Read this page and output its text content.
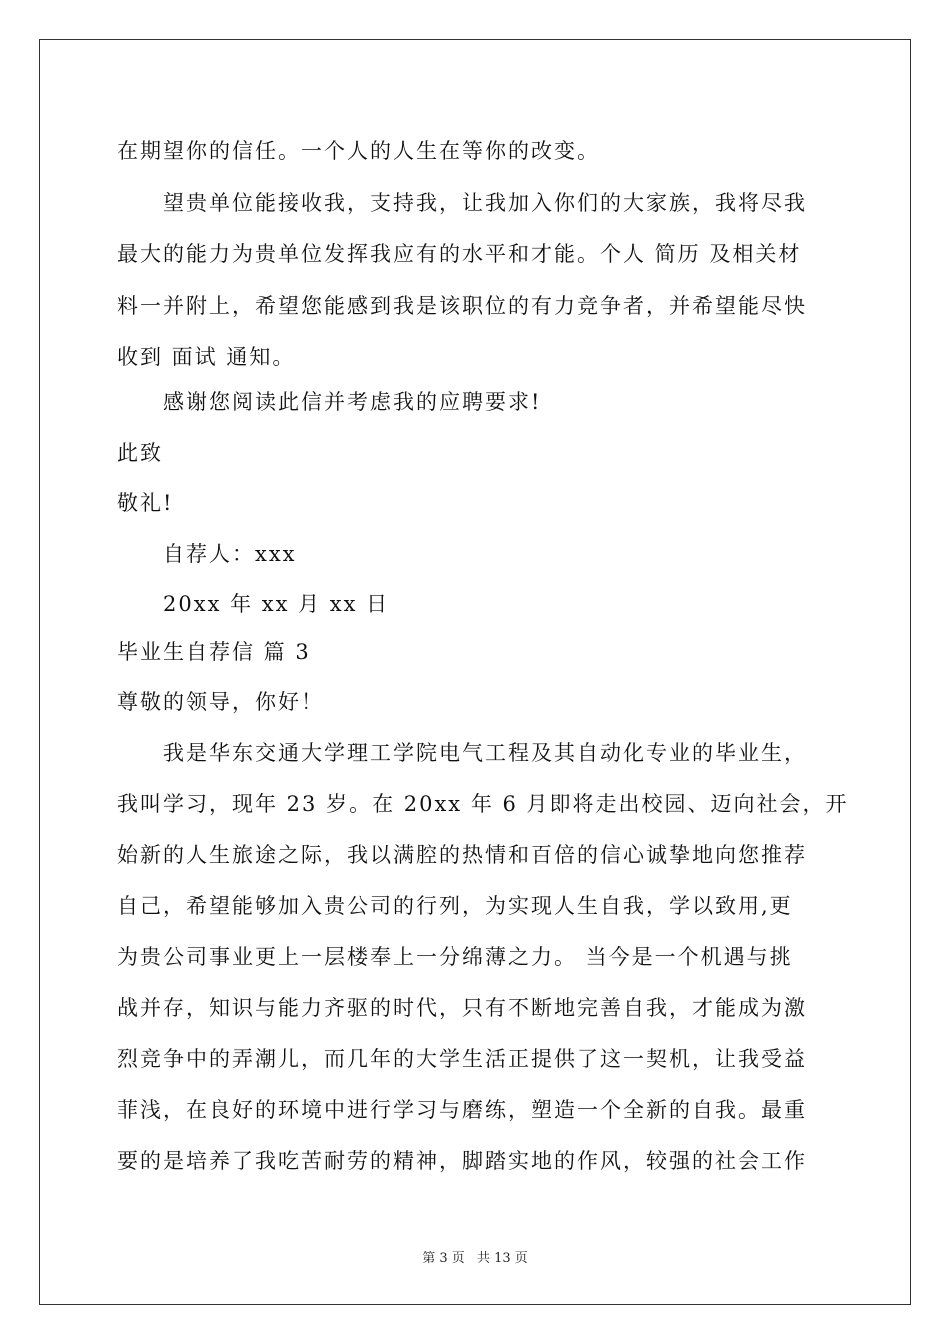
在期望你的信任。一个人的人生在等你的改变。
望贵单位能接收我，支持我，让我加入你们的大家族，我将尽我
最大的能力为贵单位发挥我应有的水平和才能。个人 简历 及相关材
料一并附上，希望您能感到我是该职位的有力竞争者，并希望能尽快
收到 面试 通知。
感谢您阅读此信并考虑我的应聘要求!
此致
敬礼!
自荐人：xxx
20xx 年 xx 月 xx 日
毕业生自荐信 篇 3
尊敬的领导，你好！
我是华东交通大学理工学院电气工程及其自动化专业的毕业生，
我叫学习，现年 23 岁。在 20xx 年 6 月即将走出校园、迈向社会，开
始新的人生旅途之际，我以满腔的热情和百倍的信心诚挚地向您推荐
自己，希望能够加入贵公司的行列，为实现人生自我，学以致用,更
为贵公司事业更上一层楼奉上一分绵薄之力。 当今是一个机遇与挑
战并存，知识与能力齐驱的时代，只有不断地完善自我，才能成为激
烈竞争中的弄潮儿，而几年的大学生活正提供了这一契机，让我受益
菲浅，在良好的环境中进行学习与磨练，塑造一个全新的自我。最重
要的是培养了我吃苦耐劳的精神，脚踏实地的作风，较强的社会工作
第 3 页 共 13 页
